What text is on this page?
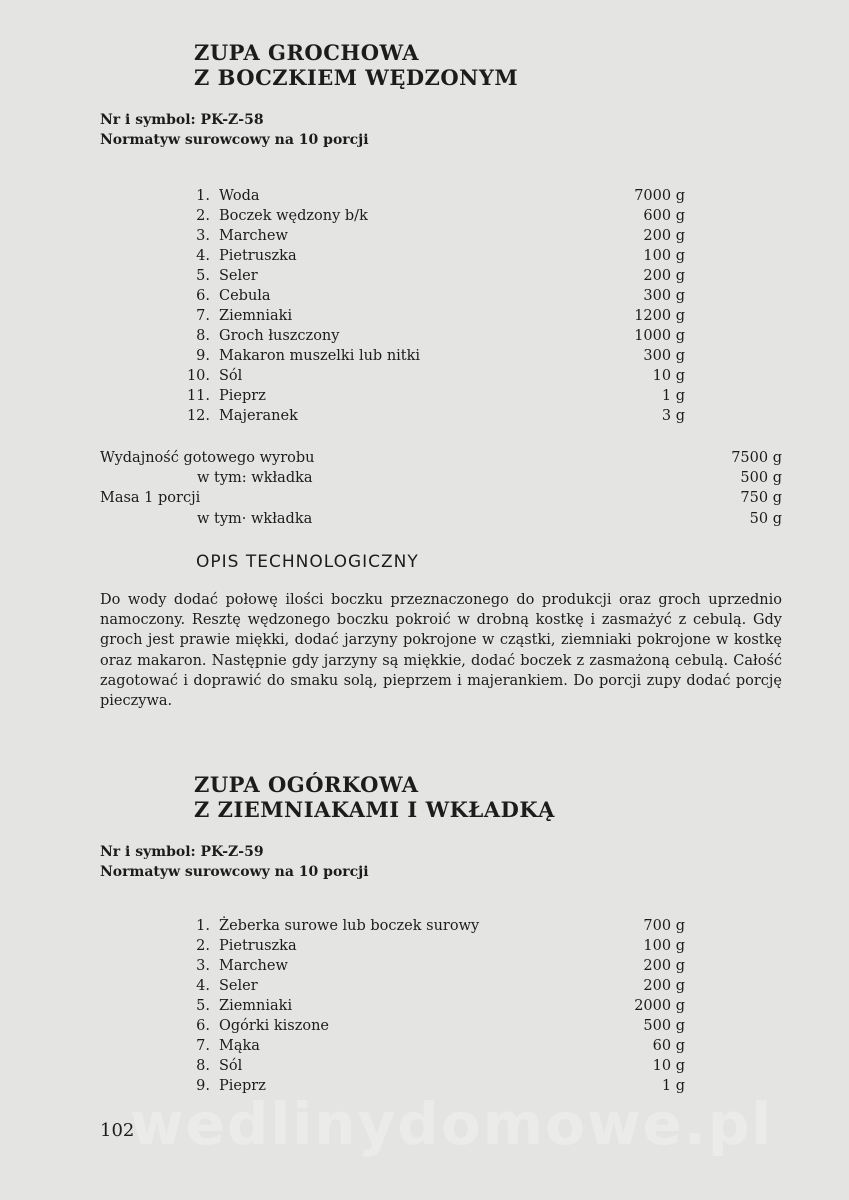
ZUPA GROCHOWA
Z BOCZKIEM WĘDZONYM
Nr i symbol: PK-Z-58
Normatyw surowcowy na 10 porcji
1. Woda	7000 g
2. Boczek wędzony b/k	600 g
3. Marchew	200 g
4. Pietruszka	100 g
5. Seler	200 g
6. Cebula	300 g
7. Ziemniaki	1200 g
8. Groch łuszczony	1000 g
9. Makaron muszelki lub nitki	300 g
10. Sól	10 g
11. Pieprz	1 g
12. Majeranek	3 g
Wydajność gotowego wyrobu	7500 g
w tym: wkładka	500 g
Masa 1 porcji	750 g
w tym· wkładka	50 g
OPIS TECHNOLOGICZNY

Do wody dodać połowę ilości boczku przeznaczonego do produkcji oraz groch uprzednio namoczony. Resztę wędzonego boczku pokroić w drobną kostkę i zasmażyć z cebulą. Gdy groch jest prawie miękki, dodać jarzyny pokrojone w cząstki, ziemniaki pokrojone w kostkę oraz makaron. Następnie gdy jarzyny są miękkie, dodać boczek z zasmażoną cebulą. Całość zagotować i doprawić do smaku solą, pieprzem i majerankiem. Do porcji zupy dodać porcję pieczywa.

ZUPA OGÓRKOWA
Z ZIEMNIAKAMI I WKŁADKĄ
Nr i symbol: PK-Z-59
Normatyw surowcowy na 10 porcji
1. Żeberka surowe lub boczek surowy	700 g
2. Pietruszka	100 g
3. Marchew	200 g
4. Seler	200 g
5. Ziemniaki	2000 g
6. Ogórki kiszone	500 g
7. Mąka	60 g
8. Sól	10 g
9. Pieprz	1 g
wedlinydomowe.pl
102
